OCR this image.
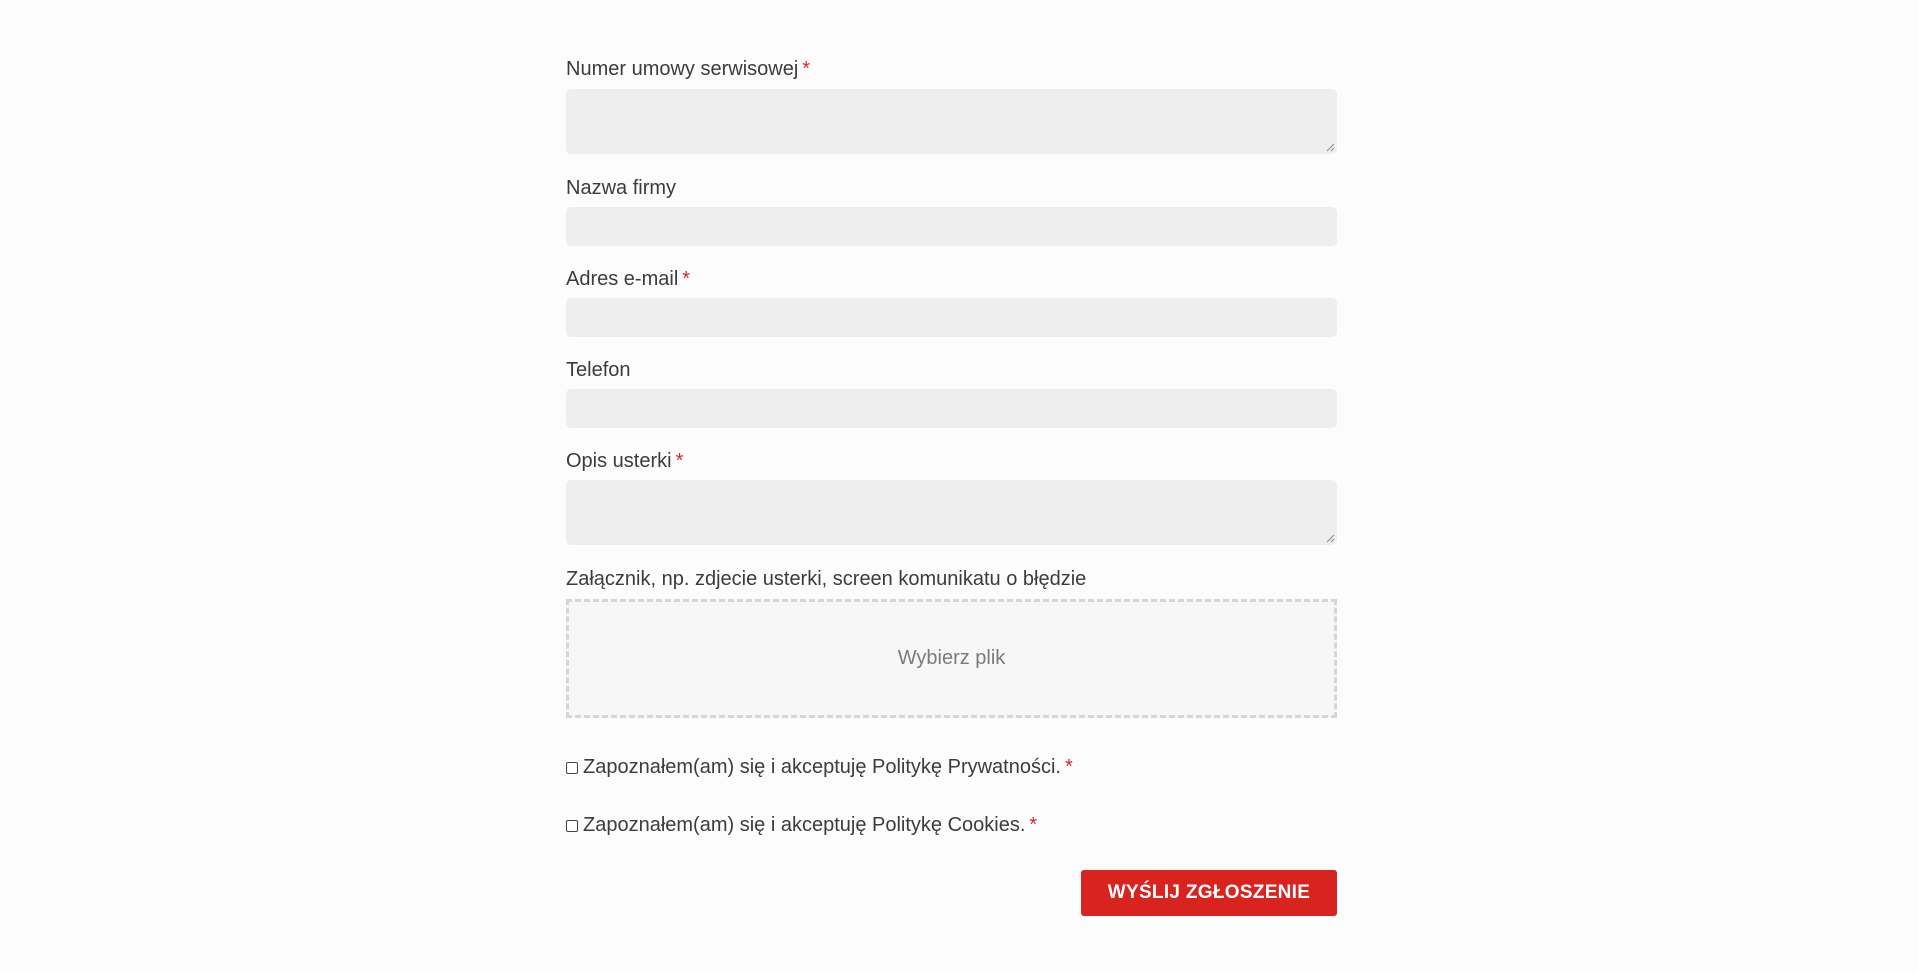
Numer umowy serwisowej *
Nazwa firmy
Adres e-mail *
Telefon
Opis usterki *
Załącznik, np. zdjecie usterki, screen komunikatu o błędzie
Wybierz plik
Zapoznałem(am) się i akceptuję Politykę Prywatności. *
Zapoznałem(am) się i akceptuję Politykę Cookies. *
WYŚLIJ ZGŁOSZENIE
